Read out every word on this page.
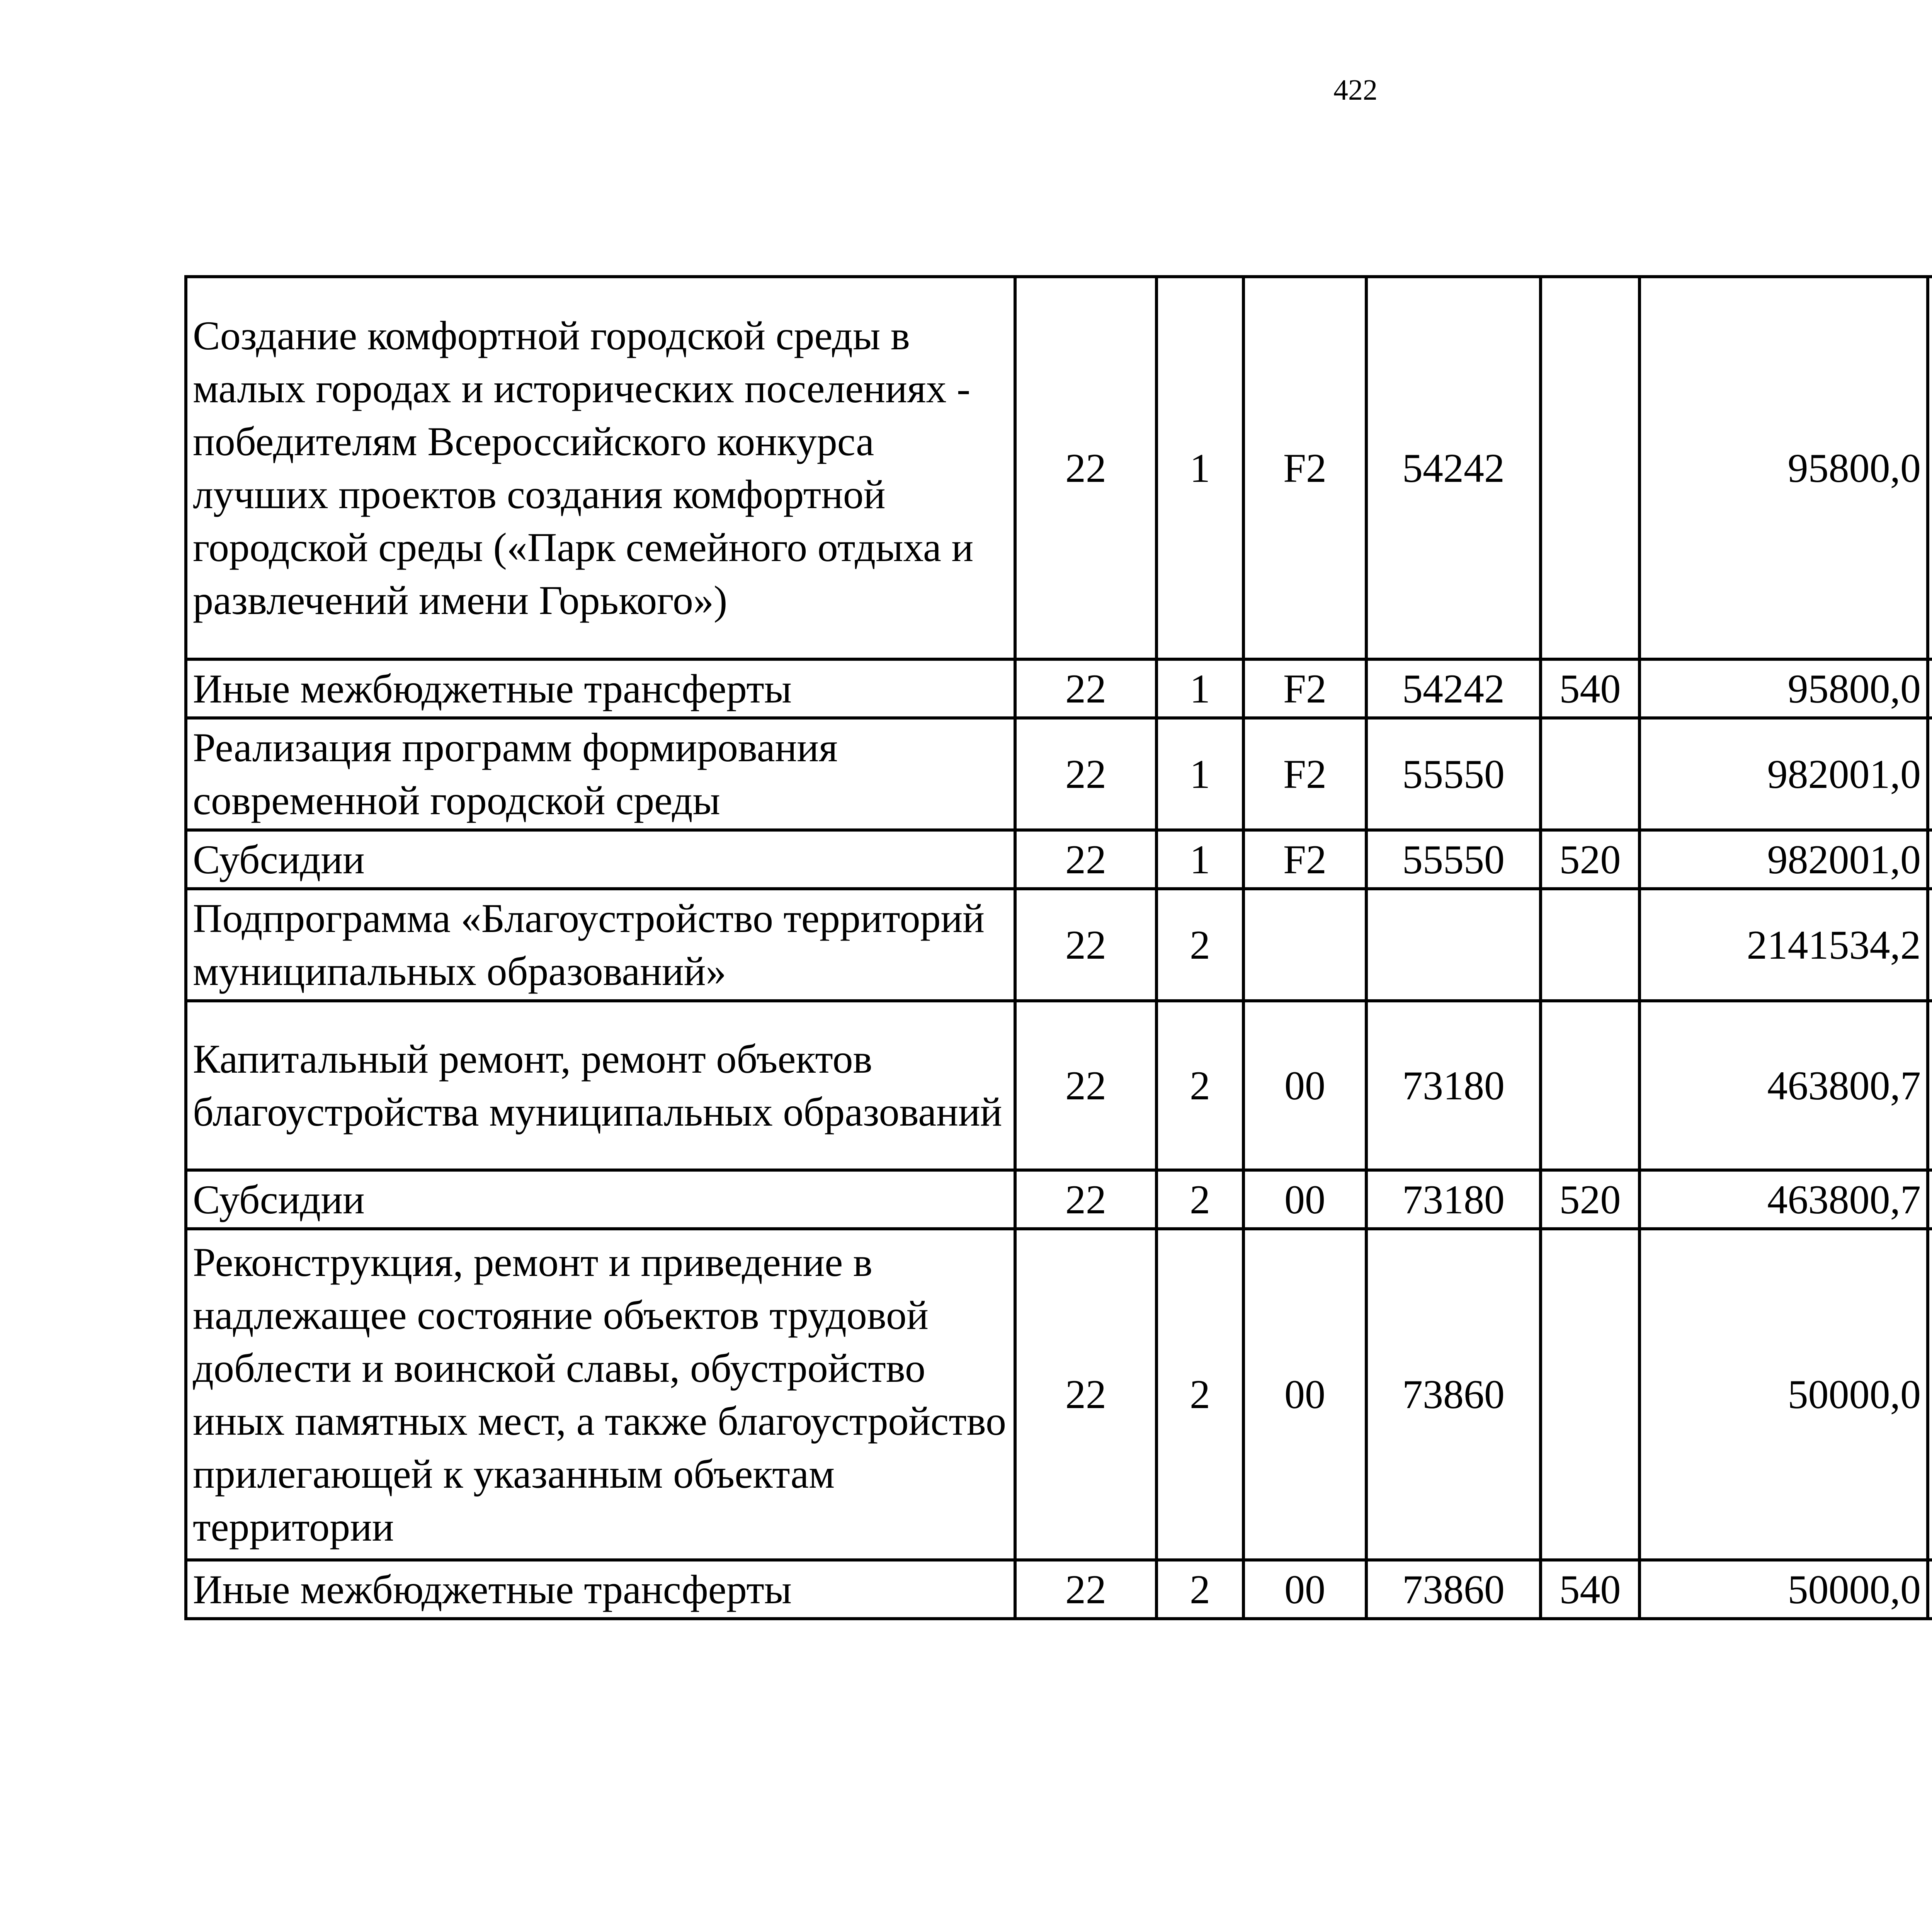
422
Создание комфортной городской среды в малых городах и исторических поселениях - победителям Всероссийского конкурса лучших проектов создания комфортной городской среды («Парк семейного отдыха и развлечений имени Горького»)	22	1	F2	54242		95800,0		
Иные межбюджетные трансферты	22	1	F2	54242	540	95800,0		
Реализация программ формирования современной городской среды	22	1	F2	55550		982001,0		
Субсидии	22	1	F2	55550	520	982001,0		
Подпрограмма «Благоустройство территорий муниципальных образований»	22	2				2141534,2		
Капитальный ремонт, ремонт объектов благоустройства муниципальных образований	22	2	00	73180		463800,7		
Субсидии	22	2	00	73180	520	463800,7		
Реконструкция, ремонт и приведение в надлежащее состояние объектов трудовой доблести и воинской славы, обустройство иных памятных мест, а также благоустройство прилегающей к указанным объектам территории	22	2	00	73860		50000,0		
Иные межбюджетные трансферты	22	2	00	73860	540	50000,0		
